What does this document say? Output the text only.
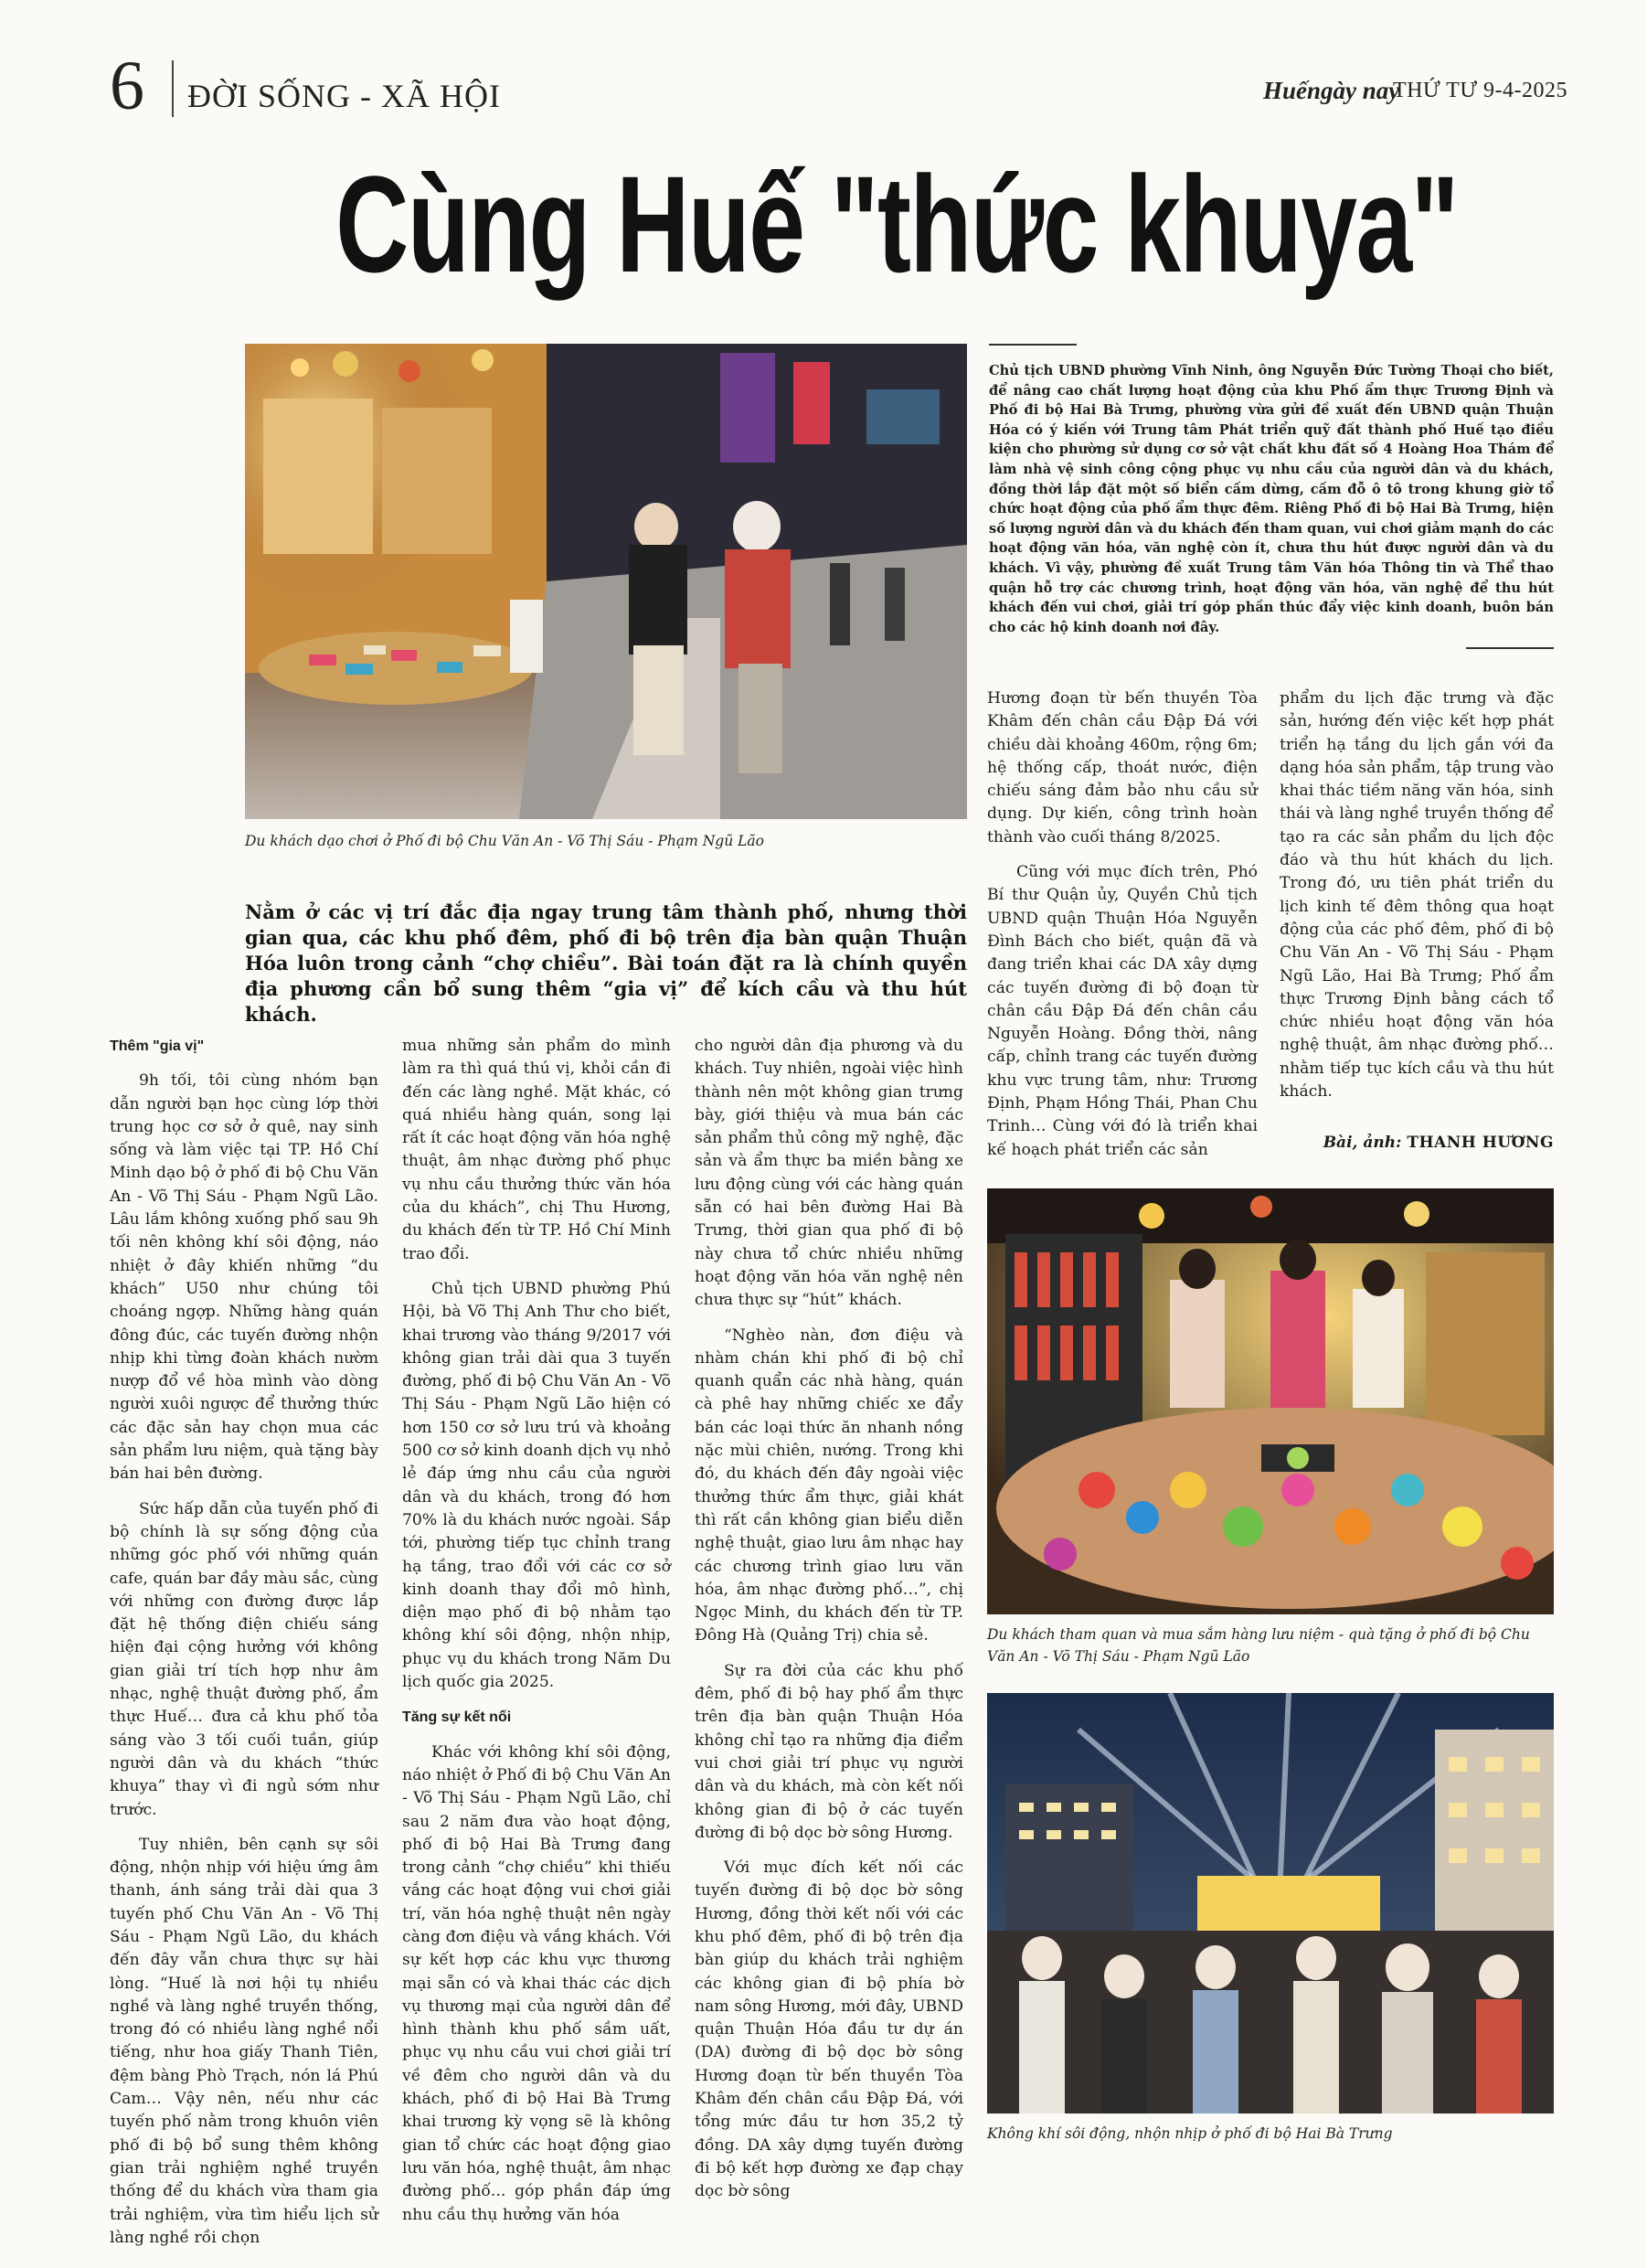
6 ĐỜI SỐNG - XÃ HỘI	Huếngày nay
THỨ TƯ 9-4-2025
Cùng Huế "thức khuya"
Du khách dạo chơi ở Phố đi bộ Chu Văn An - Võ Thị Sáu - Phạm Ngũ Lão
Chủ tịch UBND phường Vĩnh Ninh, ông Nguyễn Đức Tường Thoại cho biết, để nâng cao chất lượng hoạt động của khu Phố ẩm thực Trương Định và Phố đi bộ Hai Bà Trưng, phường vừa gửi đề xuất đến UBND quận Thuận Hóa có ý kiến với Trung tâm Phát triển quỹ đất thành phố Huế tạo điều kiện cho phường sử dụng cơ sở vật chất khu đất số 4 Hoàng Hoa Thám để làm nhà vệ sinh công cộng phục vụ nhu cầu của người dân và du khách, đồng thời lắp đặt một số biển cấm dừng, cấm đỗ ô tô trong khung giờ tổ chức hoạt động của phố ẩm thực đêm. Riêng Phố đi bộ Hai Bà Trưng, hiện số lượng người dân và du khách đến tham quan, vui chơi giảm mạnh do các hoạt động văn hóa, văn nghệ còn ít, chưa thu hút được người dân và du khách. Vì vậy, phường đề xuất Trung tâm Văn hóa Thông tin và Thể thao quận hỗ trợ các chương trình, hoạt động văn hóa, văn nghệ để thu hút khách đến vui chơi, giải trí góp phần thúc đẩy việc kinh doanh, buôn bán cho các hộ kinh doanh nơi đây.
Nằm ở các vị trí đắc địa ngay trung tâm thành phố, nhưng thời gian qua, các khu phố đêm, phố đi bộ trên địa bàn quận Thuận Hóa luôn trong cảnh “chợ chiều”. Bài toán đặt ra là chính quyền địa phương cần bổ sung thêm “gia vị” để kích cầu và thu hút khách.

Thêm "gia vị"

9h tối, tôi cùng nhóm bạn dẫn người bạn học cùng lớp thời trung học cơ sở ở quê, nay sinh sống và làm việc tại TP. Hồ Chí Minh dạo bộ ở phố đi bộ Chu Văn An - Võ Thị Sáu - Phạm Ngũ Lão. Lâu lắm không xuống phố sau 9h tối nên không khí sôi động, náo nhiệt ở đây khiến những “du khách” U50 như chúng tôi choáng ngợp. Những hàng quán đông đúc, các tuyến đường nhộn nhịp khi từng đoàn khách nườm nượp đổ về hòa mình vào dòng người xuôi ngược để thưởng thức các đặc sản hay chọn mua các sản phẩm lưu niệm, quà tặng bày bán hai bên đường.

Sức hấp dẫn của tuyến phố đi bộ chính là sự sống động của những góc phố với những quán cafe, quán bar đầy màu sắc, cùng với những con đường được lắp đặt hệ thống điện chiếu sáng hiện đại cộng hưởng với không gian giải trí tích hợp như âm nhạc, nghệ thuật đường phố, ẩm thực Huế… đưa cả khu phố tỏa sáng vào 3 tối cuối tuần, giúp người dân và du khách “thức khuya” thay vì đi ngủ sớm như trước.

Tuy nhiên, bên cạnh sự sôi động, nhộn nhịp với hiệu ứng âm thanh, ánh sáng trải dài qua 3 tuyến phố Chu Văn An - Võ Thị Sáu - Phạm Ngũ Lão, du khách đến đây vẫn chưa thực sự hài lòng. “Huế là nơi hội tụ nhiều nghề và làng nghề truyền thống, trong đó có nhiều làng nghề nổi tiếng, như hoa giấy Thanh Tiên, đệm bàng Phò Trạch, nón lá Phú Cam… Vậy nên, nếu như các tuyến phố nằm trong khuôn viên phố đi bộ bổ sung thêm không gian trải nghiệm nghề truyền thống để du khách vừa tham gia trải nghiệm, vừa tìm hiểu lịch sử làng nghề rồi chọn

mua những sản phẩm do mình làm ra thì quá thú vị, khỏi cần đi đến các làng nghề. Mặt khác, có quá nhiều hàng quán, song lại rất ít các hoạt động văn hóa nghệ thuật, âm nhạc đường phố phục vụ nhu cầu thưởng thức văn hóa của du khách”, chị Thu Hương, du khách đến từ TP. Hồ Chí Minh trao đổi.

Chủ tịch UBND phường Phú Hội, bà Võ Thị Anh Thư cho biết, khai trương vào tháng 9/2017 với không gian trải dài qua 3 tuyến đường, phố đi bộ Chu Văn An - Võ Thị Sáu - Phạm Ngũ Lão hiện có hơn 150 cơ sở lưu trú và khoảng 500 cơ sở kinh doanh dịch vụ nhỏ lẻ đáp ứng nhu cầu của người dân và du khách, trong đó hơn 70% là du khách nước ngoài. Sắp tới, phường tiếp tục chỉnh trang hạ tầng, trao đổi với các cơ sở kinh doanh thay đổi mô hình, diện mạo phố đi bộ nhằm tạo không khí sôi động, nhộn nhịp, phục vụ du khách trong Năm Du lịch quốc gia 2025.

Tăng sự kết nối

Khác với không khí sôi động, náo nhiệt ở Phố đi bộ Chu Văn An - Võ Thị Sáu - Phạm Ngũ Lão, chỉ sau 2 năm đưa vào hoạt động, phố đi bộ Hai Bà Trưng đang trong cảnh “chợ chiều” khi thiếu vắng các hoạt động vui chơi giải trí, văn hóa nghệ thuật nên ngày càng đơn điệu và vắng khách. Với sự kết hợp các khu vực thương mại sẵn có và khai thác các dịch vụ thương mại của người dân để hình thành khu phố sầm uất, phục vụ nhu cầu vui chơi giải trí về đêm cho người dân và du khách, phố đi bộ Hai Bà Trưng khai trương kỳ vọng sẽ là không gian tổ chức các hoạt động giao lưu văn hóa, nghệ thuật, âm nhạc đường phố... góp phần đáp ứng nhu cầu thụ hưởng văn hóa

cho người dân địa phương và du khách. Tuy nhiên, ngoài việc hình thành nên một không gian trưng bày, giới thiệu và mua bán các sản phẩm thủ công mỹ nghệ, đặc sản và ẩm thực ba miền bằng xe lưu động cùng với các hàng quán sẵn có hai bên đường Hai Bà Trưng, thời gian qua phố đi bộ này chưa tổ chức nhiều những hoạt động văn hóa văn nghệ nên chưa thực sự “hút” khách.

“Nghèo nàn, đơn điệu và nhàm chán khi phố đi bộ chỉ quanh quẩn các nhà hàng, quán cà phê hay những chiếc xe đẩy bán các loại thức ăn nhanh nồng nặc mùi chiên, nướng. Trong khi đó, du khách đến đây ngoài việc thưởng thức ẩm thực, giải khát thì rất cần không gian biểu diễn nghệ thuật, giao lưu âm nhạc hay các chương trình giao lưu văn hóa, âm nhạc đường phố…”, chị Ngọc Minh, du khách đến từ TP. Đông Hà (Quảng Trị) chia sẻ.

Sự ra đời của các khu phố đêm, phố đi bộ hay phố ẩm thực trên địa bàn quận Thuận Hóa không chỉ tạo ra những địa điểm vui chơi giải trí phục vụ người dân và du khách, mà còn kết nối không gian đi bộ ở các tuyến đường đi bộ dọc bờ sông Hương.

Với mục đích kết nối các tuyến đường đi bộ dọc bờ sông Hương, đồng thời kết nối với các khu phố đêm, phố đi bộ trên địa bàn giúp du khách trải nghiệm các không gian đi bộ phía bờ nam sông Hương, mới đây, UBND quận Thuận Hóa đầu tư dự án (DA) đường đi bộ dọc bờ sông Hương đoạn từ bến thuyền Tòa Khâm đến chân cầu Đập Đá, với tổng mức đầu tư hơn 35,2 tỷ đồng. DA xây dựng tuyến đường đi bộ kết hợp đường xe đạp chạy dọc bờ sông

Hương đoạn từ bến thuyền Tòa Khâm đến chân cầu Đập Đá với chiều dài khoảng 460m, rộng 6m; hệ thống cấp, thoát nước, điện chiếu sáng đảm bảo nhu cầu sử dụng. Dự kiến, công trình hoàn thành vào cuối tháng 8/2025.

Cũng với mục đích trên, Phó Bí thư Quận ủy, Quyền Chủ tịch UBND quận Thuận Hóa Nguyễn Đình Bách cho biết, quận đã và đang triển khai các DA xây dựng các tuyến đường đi bộ đoạn từ chân cầu Đập Đá đến chân cầu Nguyễn Hoàng. Đồng thời, nâng cấp, chỉnh trang các tuyến đường khu vực trung tâm, như: Trương Định, Phạm Hồng Thái, Phan Chu Trinh… Cùng với đó là triển khai kế hoạch phát triển các sản

phẩm du lịch đặc trưng và đặc sản, hướng đến việc kết hợp phát triển hạ tầng du lịch gắn với đa dạng hóa sản phẩm, tập trung vào khai thác tiềm năng văn hóa, sinh thái và làng nghề truyền thống để tạo ra các sản phẩm du lịch độc đáo và thu hút khách du lịch. Trong đó, ưu tiên phát triển du lịch kinh tế đêm thông qua hoạt động của các phố đêm, phố đi bộ Chu Văn An - Võ Thị Sáu - Phạm Ngũ Lão, Hai Bà Trưng; Phố ẩm thực Trương Định bằng cách tổ chức nhiều hoạt động văn hóa nghệ thuật, âm nhạc đường phố… nhằm tiếp tục kích cầu và thu hút khách.

Bài, ảnh: THANH HƯƠNG
Du khách tham quan và mua sắm hàng lưu niệm - quà tặng ở phố đi bộ Chu Văn An - Võ Thị Sáu - Phạm Ngũ Lão
Không khí sôi động, nhộn nhịp ở phố đi bộ Hai Bà Trưng
